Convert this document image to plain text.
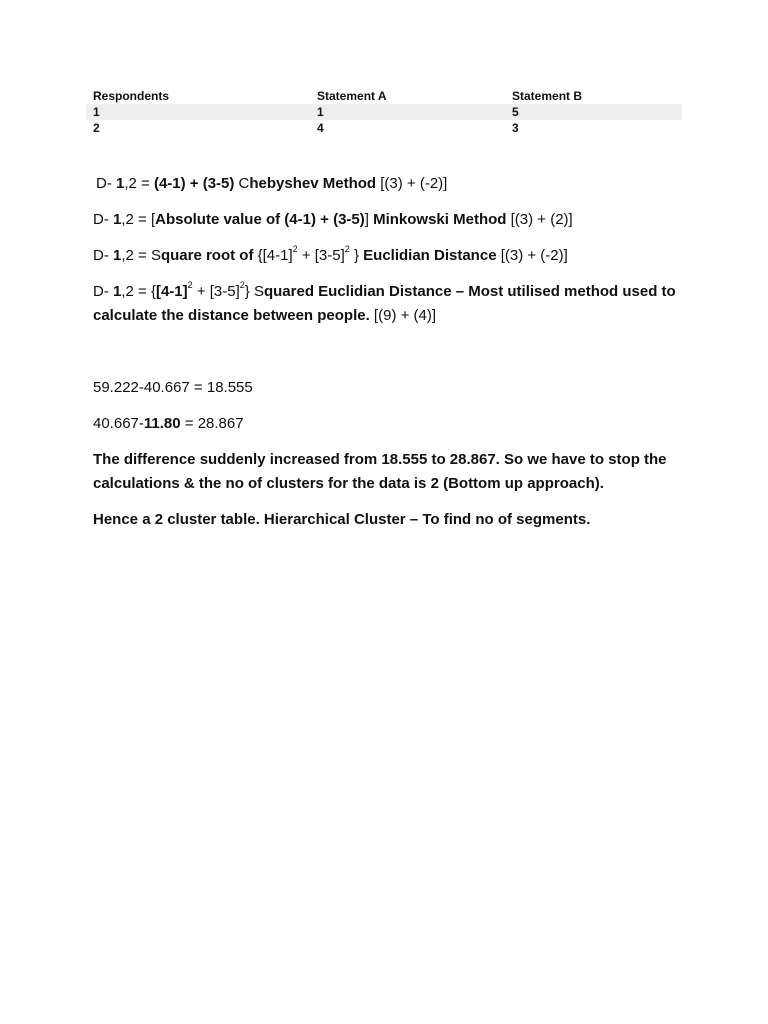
Respondents	Statement A	Statement B
1	1	5
2	4	3

D- 1,2 = (4-1) + (3-5) Chebyshev Method [(3) + (-2)]

D- 1,2 = [Absolute value of (4-1) + (3-5)] Minkowski Method [(3) + (2)]

D- 1,2 = Square root of {$[4-1]^2 + [3-5]^2$ } Euclidian Distance [(3) + (-2)]

D- $1,2 = \{[4-1]^2 + [3-5]^2\}$ Squared Euclidian Distance – Most utilised method used to calculate the distance between people. [(9) + (4)]

59.222-40.667 = 18.555

40.667-11.80 = 28.867

The difference suddenly increased from 18.555 to 28.867. So we have to stop the calculations & the no of clusters for the data is 2 (Bottom up approach).

Hence a 2 cluster table. Hierarchical Cluster – To find no of segments.
